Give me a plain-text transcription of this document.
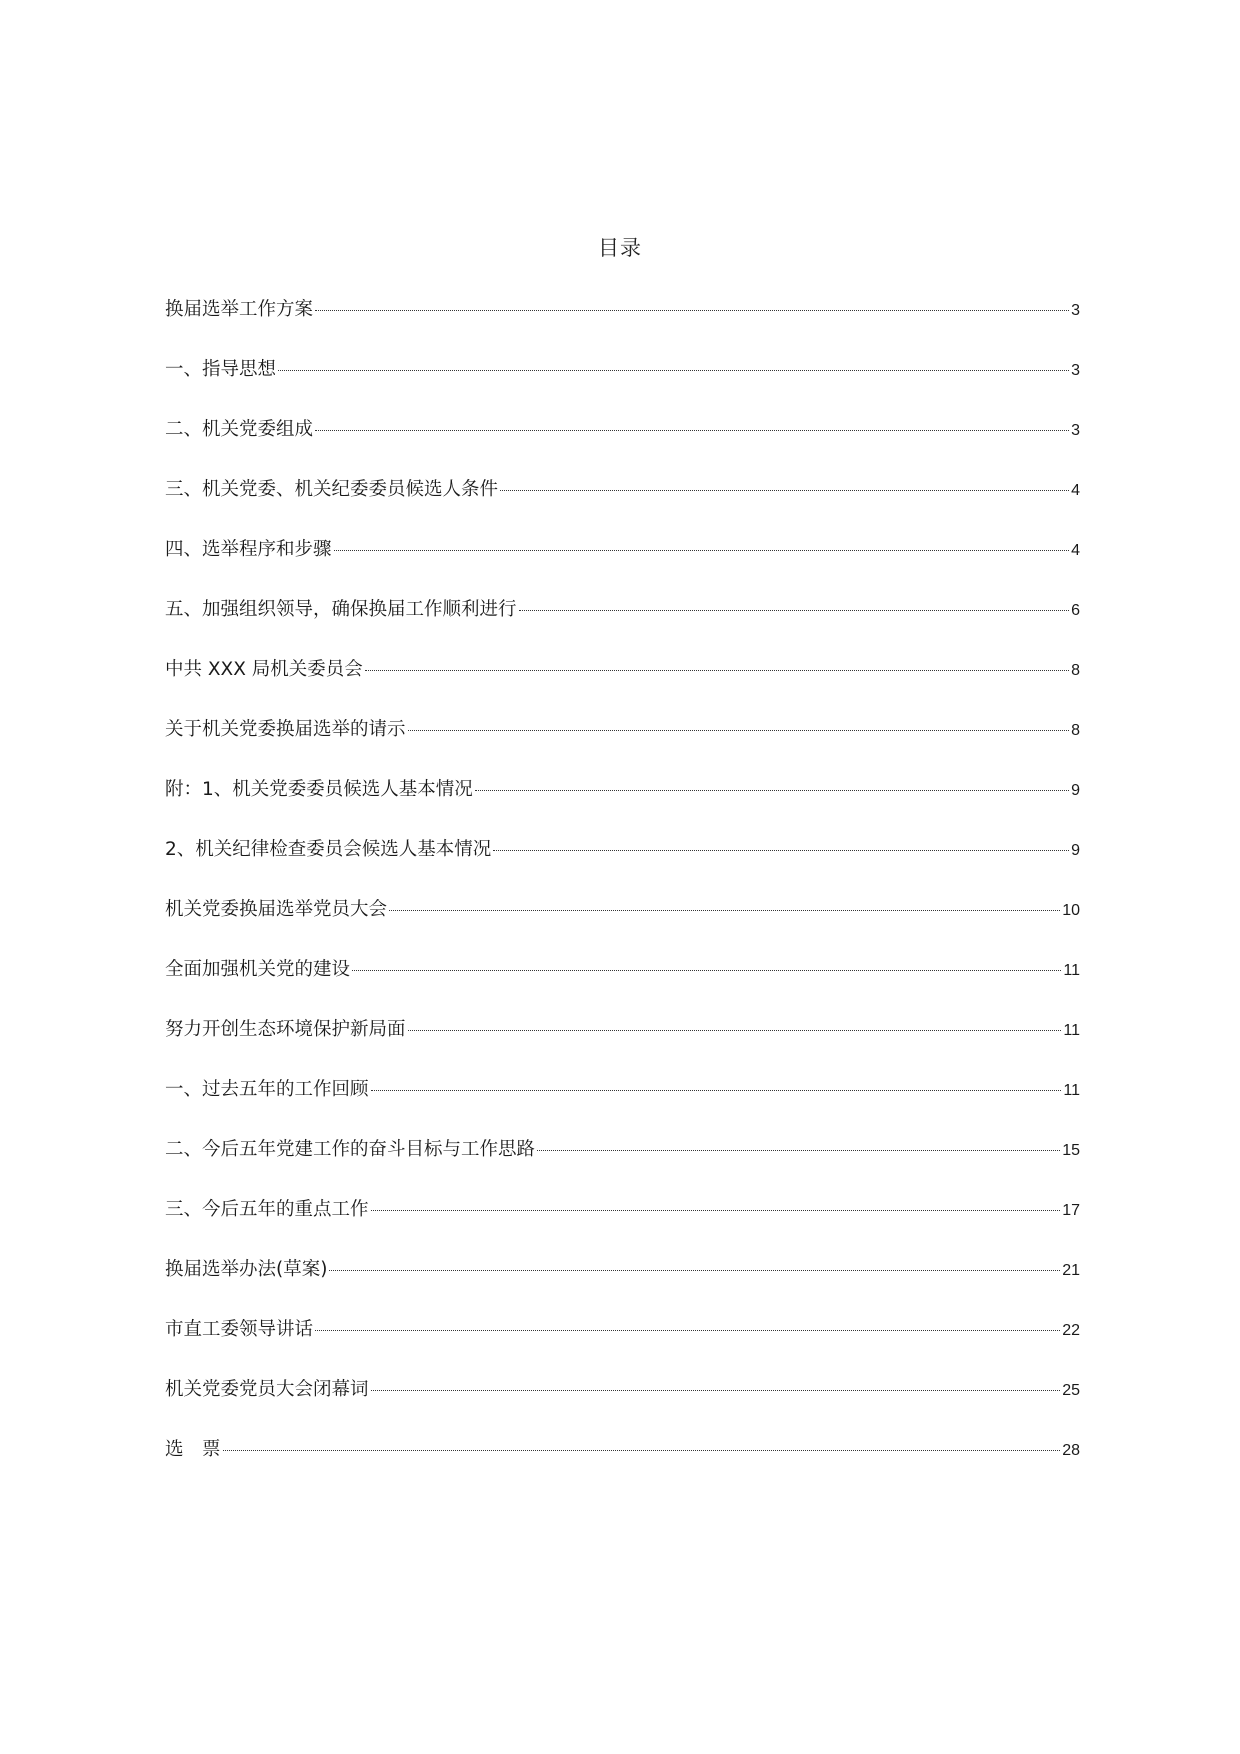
目录
换届选举工作方案	3
一、指导思想	3
二、机关党委组成	3
三、机关党委、机关纪委委员候选人条件	4
四、选举程序和步骤	4
五、加强组织领导，确保换届工作顺利进行	6
中共 XXX 局机关委员会	8
关于机关党委换届选举的请示	8
附：1、机关党委委员候选人基本情况	9
2、机关纪律检查委员会候选人基本情况	9
机关党委换届选举党员大会	10
全面加强机关党的建设	11
努力开创生态环境保护新局面	11
一、过去五年的工作回顾	11
二、今后五年党建工作的奋斗目标与工作思路	15
三、今后五年的重点工作	17
换届选举办法(草案)	21
市直工委领导讲话	22
机关党委党员大会闭幕词	25
选　票	28
